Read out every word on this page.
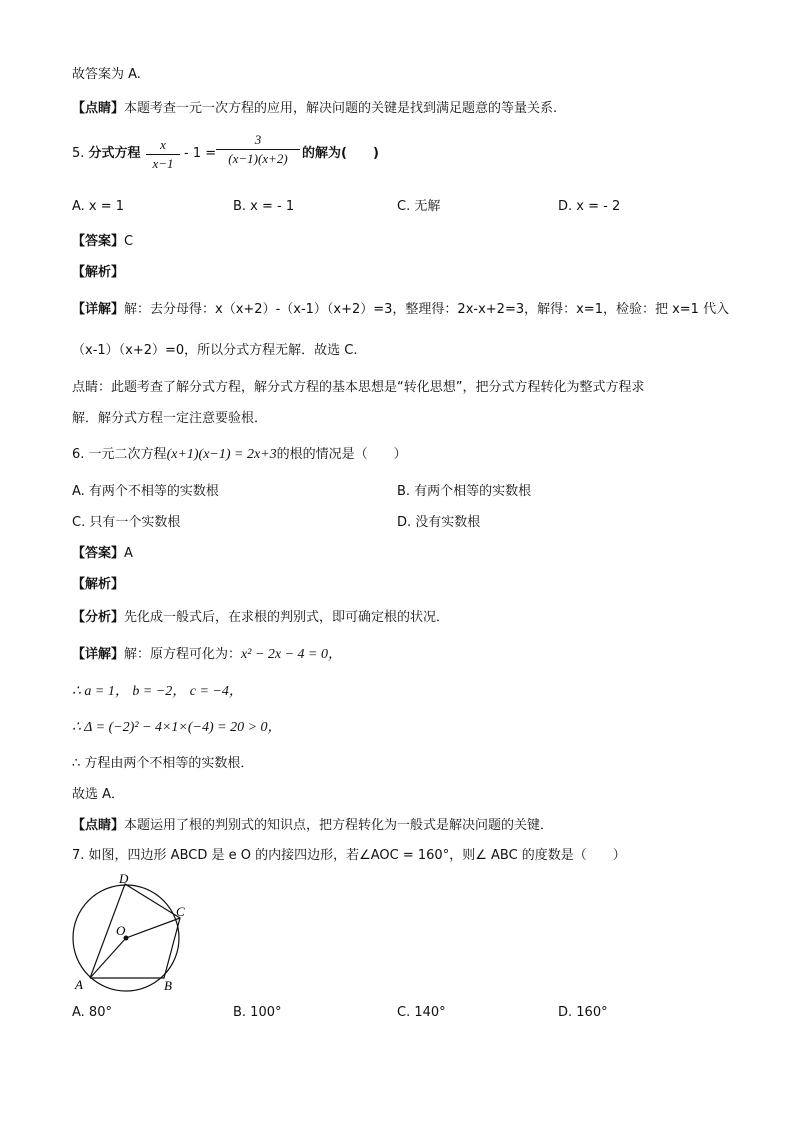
故答案为 A.
【点睛】本题考查一元一次方程的应用，解决问题的关键是找到满足题意的等量关系.
5. 分式方程
x
x−1
- 1 =
3
(x−1)(x+2)	的解为(　　)
A. x = 1	B. x = - 1	C. 无解	D. x = - 2
【答案】C
【解析】
【详解】解：去分母得：x（x+2）-（x-1）（x+2）=3，整理得：2x-x+2=3，解得：x=1，检验：把 x=1 代入
（x-1）（x+2）=0，所以分式方程无解．故选 C.
点睛：此题考查了解分式方程，解分式方程的基本思想是“转化思想”，把分式方程转化为整式方程求
解．解分式方程一定注意要验根．
6. 一元二次方程(x+1)(x−1) = 2x+3的根的情况是（　　）
A. 有两个不相等的实数根	B. 有两个相等的实数根
C. 只有一个实数根	D. 没有实数根
【答案】A
【解析】
【分析】先化成一般式后，在求根的判别式，即可确定根的状况．
【详解】解：原方程可化为：x² − 2x − 4 = 0，
∴ a = 1， b = −2， c = −4，
∴ Δ = (−2)² − 4×1×(−4) = 20 > 0，
∴ 方程由两个不相等的实数根．
故选 A．
【点睛】本题运用了根的判别式的知识点，把方程转化为一般式是解决问题的关键．
7. 如图，四边形 ABCD 是 e O 的内接四边形，若∠AOC = 160°，则∠ ABC 的度数是（　　）
A	B
C
D
O
A. 80°	B. 100°	C. 140°	D. 160°
